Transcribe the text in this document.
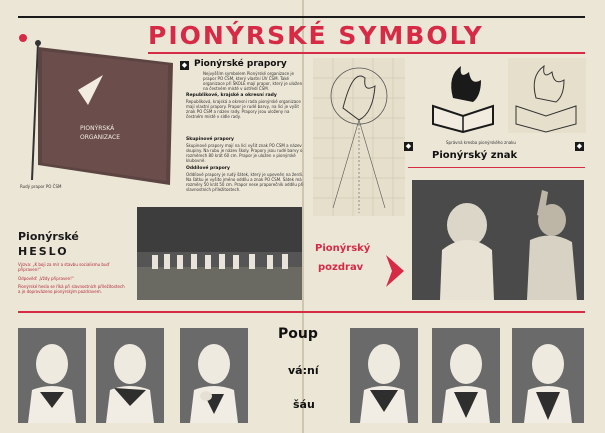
PIONÝRSKÉ SYMBOLY
PIONÝRSKÁ
ORGANIZACE
Rudý prapor PO ČSM
◆ Pionýrské prapory
Nejvyšším symbolem Pionýrské organizace je prapor PO ČSM, který vlastní ÚV ČSM. Také organizace při ŠKOLE mají prapor, který je uložen na čestném místě v ústředí ČSM.
Republikové, krajské a okresní rady
Republiková, krajská a okresní rada pionýrské organizace mají vlastní prapory. Prapor je rudé barvy, na líci je vyšit znak PO ČSM a název rady. Prapory jsou uloženy na čestném místě v sídle rady.
Skupinové prapory
Skupinové prapory mají na líci vyšit znak PO ČSM a název skupiny. Na rubu je název školy. Prapory jsou rudé barvy o rozměrech 80 krát 60 cm. Prapor je uložen v pionýrské klubovně.
Oddílové prapory
Oddílové prapory je rudý šátek, který je upevněn na žerdi. Na šátku je vyšito jméno oddílu a znak PO ČSM. Šátek má rozměry 50 krát 50 cm. Prapor nese praporečník oddílu při slavnostních příležitostech.
Správná kresba pionýrského znaku
◆	◆
Pionýrský znak
Pionýrské
HESLO
Výzva: „K boji za mír a stavbu socialismu buď připraven!“
Odpověď: „Vždy připraven!“
Pionýrské heslo se říká při slavnostních příležitostech a je doprovázeno pionýrským pozdravem.
Pionýrský
pozdrav
Poup
vá:ní
šáu
